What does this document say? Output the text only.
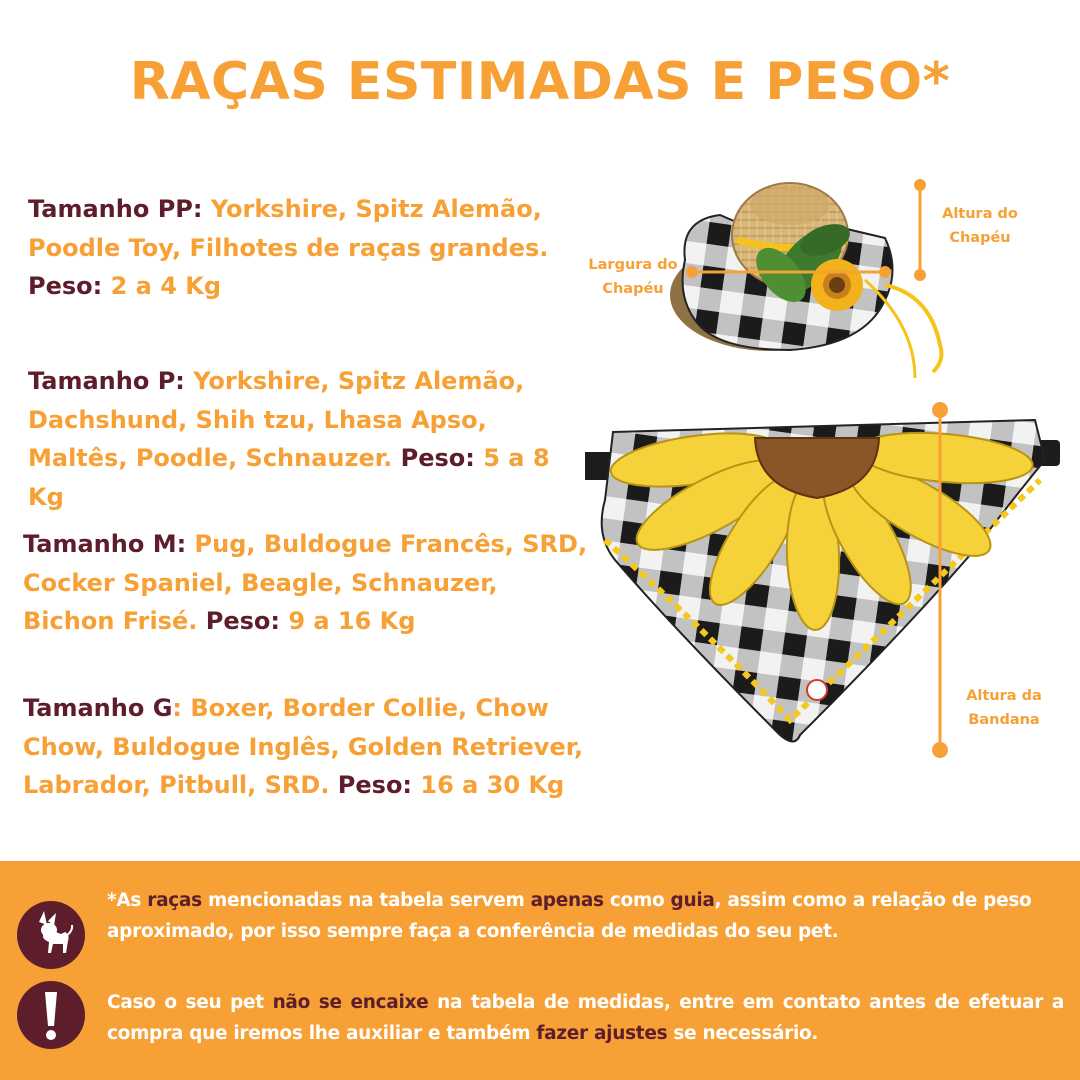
RAÇAS ESTIMADAS E PESO*
Tamanho PP: Yorkshire, Spitz Alemão, Poodle Toy, Filhotes de raças grandes.
Peso: 2 a 4 Kg
Tamanho P: Yorkshire, Spitz Alemão, Dachshund, Shih tzu, Lhasa Apso, Maltês, Poodle, Schnauzer. Peso: 5 a 8 Kg
Tamanho M: Pug, Buldogue Francês, SRD, Cocker Spaniel, Beagle, Schnauzer, Bichon Frisé. Peso: 9 a 16 Kg
Tamanho G: Boxer, Border Collie, Chow Chow, Buldogue Inglês, Golden Retriever, Labrador, Pitbull, SRD. Peso: 16 a 30 Kg
Altura do
Chapéu
Largura do
Chapéu
Altura da
Bandana
*As raças mencionadas na tabela servem apenas como guia, assim como a relação de peso aproximado, por isso sempre faça a conferência de medidas do seu pet.
Caso o seu pet não se encaixe na tabela de medidas, entre em contato antes de efetuar a compra que iremos lhe auxiliar e também fazer ajustes se necessário.
